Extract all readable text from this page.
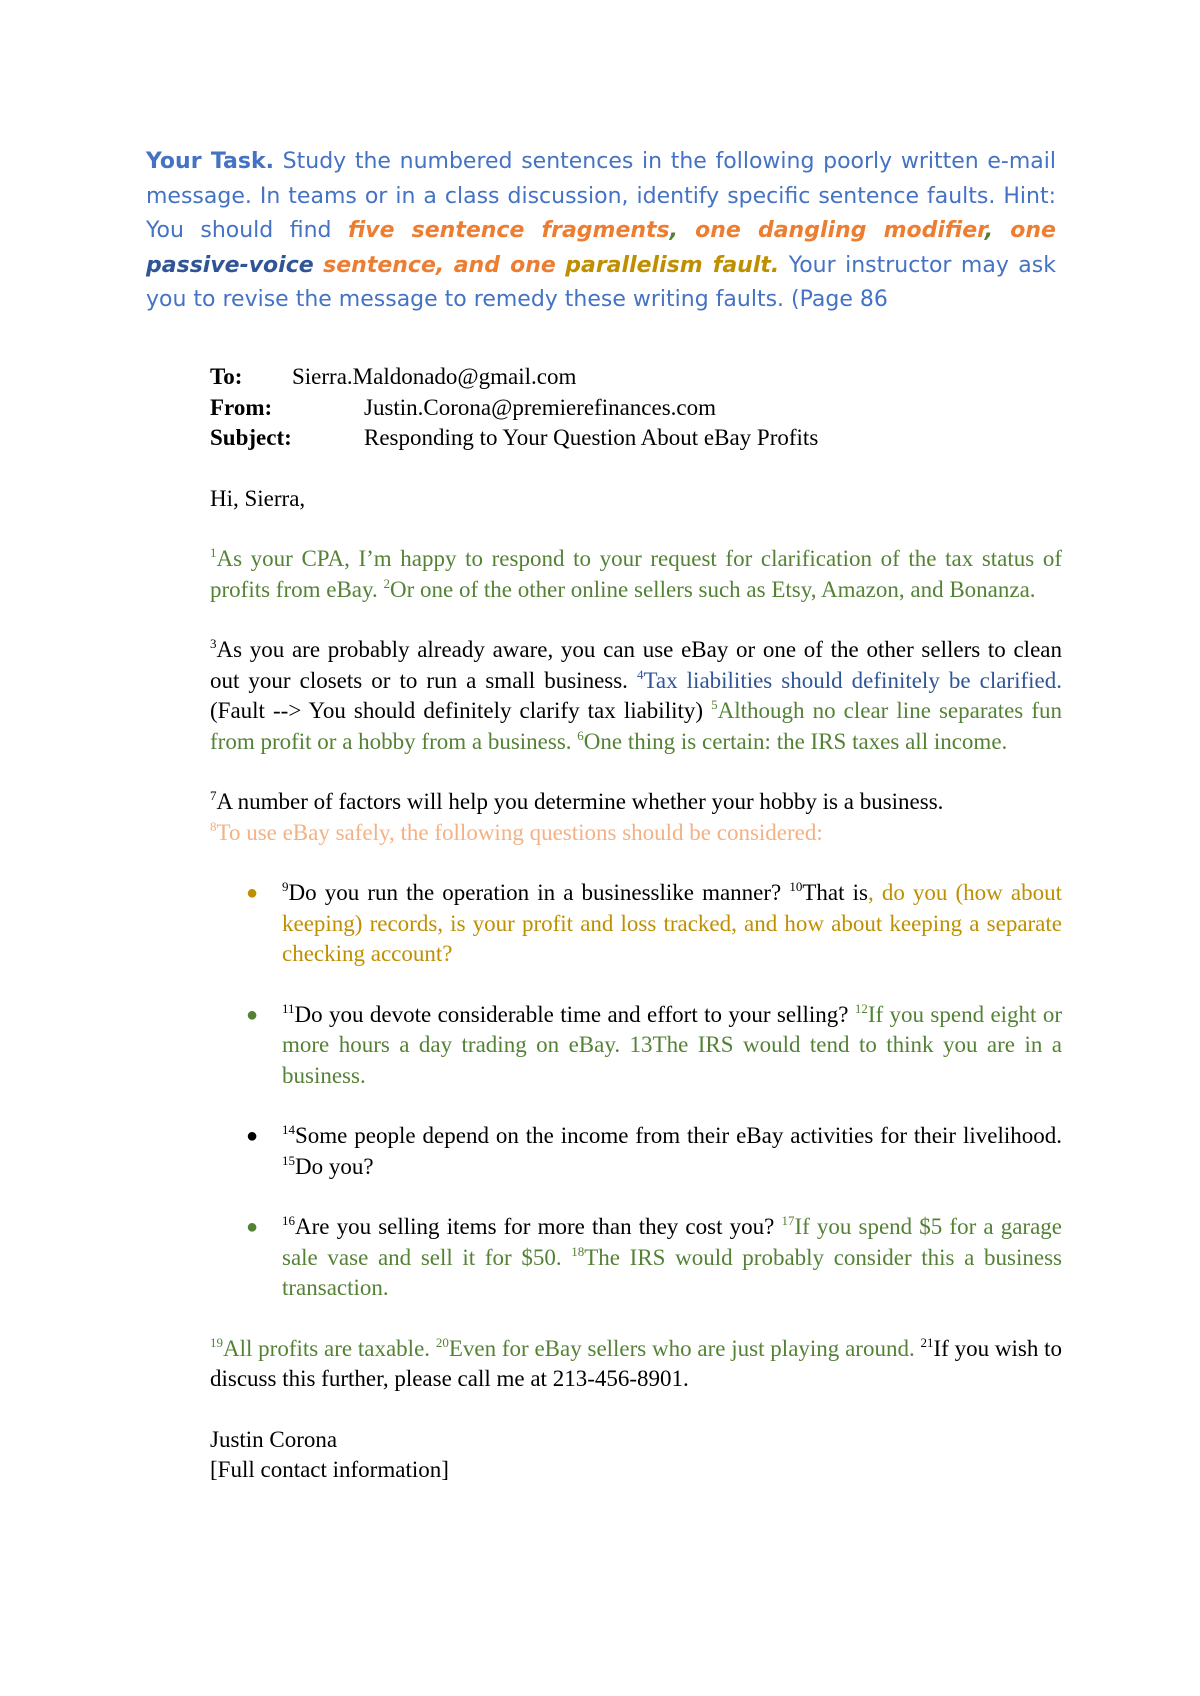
Your Task. Study the numbered sentences in the following poorly written e-mail message. In teams or in a class discussion, identify specific sentence faults. Hint: You should find five sentence fragments, one dangling modifier, one passive-voice sentence, and one parallelism fault. Your instructor may ask you to revise the message to remedy these writing faults. (Page 86
To: Sierra.Maldonado@gmail.com
From:	Justin.Corona@premierefinances.com
Subject:	Responding to Your Question About eBay Profits

Hi, Sierra,

$^1$As your CPA, I’m happy to respond to your request for clarification of the tax status of profits from eBay. $^2$Or one of the other online sellers such as Etsy, Amazon, and Bonanza.

$^3$As you are probably already aware, you can use eBay or one of the other sellers to clean out your closets or to run a small business. $^4$Tax liabilities should definitely be clarified.(Fault --> You should definitely clarify tax liability) $^5$Although no clear line separates fun from profit or a hobby from a business. $^6$One thing is certain: the IRS taxes all income.

$^7$A number of factors will help you determine whether your hobby is a business.
$^8$To use eBay safely, the following questions should be considered:

● $^9$Do you run the operation in a businesslike manner? $^{10}$That is, do you (how about keeping) records, is your profit and loss tracked, and how about keeping a separate checking account?
● $^{11}$Do you devote considerable time and effort to your selling? $^{12}$If you spend eight or more hours a day trading on eBay. 13The IRS would tend to think you are in a business.
● $^{14}$Some people depend on the income from their eBay activities for their livelihood. $^{15}$Do you?
● $^{16}$Are you selling items for more than they cost you? $^{17}$If you spend $5 for a garage sale vase and sell it for $50. $^{18}$The IRS would probably consider this a business transaction.

$^{19}$All profits are taxable. $^{20}$Even for eBay sellers who are just playing around. $^{21}$If you wish to discuss this further, please call me at 213-456-8901.

Justin Corona

[Full contact information]
